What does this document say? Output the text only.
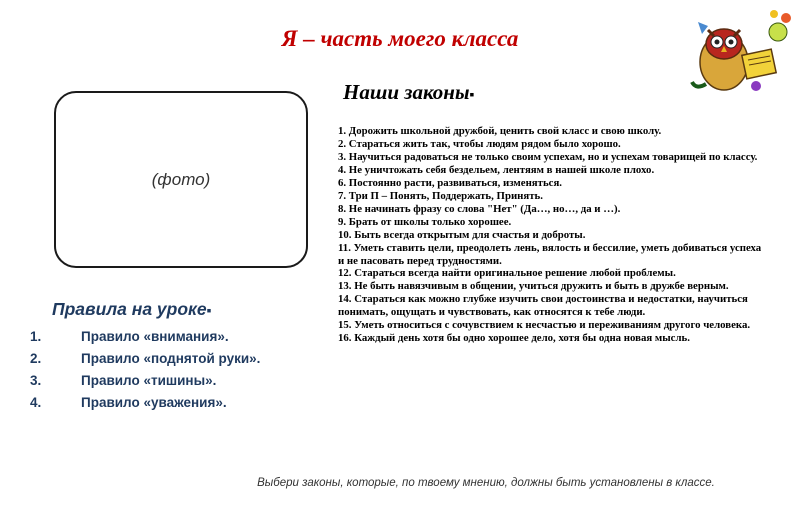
Я – часть моего класса
(фото)
Наши законы▪
1. Дорожить школьной дружбой, ценить свой класс и свою школу.
2. Стараться жить так, чтобы людям рядом было хорошо.
3. Научиться радоваться не только своим успехам, но и успехам товарищей по классу.
4. Не уничтожать себя бездельем, лентяям в нашей школе плохо.
6. Постоянно расти, развиваться, изменяться.
7. Три П – Понять, Поддержать, Принять.
8. Не начинать фразу со слова "Нет" (Да…, но…, да и …).
9. Брать от школы только хорошее.
10. Быть всегда открытым для счастья и доброты.
11. Уметь ставить цели, преодолеть лень, вялость и бессилие, уметь добиваться успеха и не пасовать перед трудностями.
12. Стараться всегда найти оригинальное решение любой проблемы.
13. Не быть навязчивым в общении, учиться дружить и быть в дружбе верным.
14. Стараться как можно глубже изучить свои достоинства и недостатки, научиться понимать, ощущать и чувствовать, как относятся к тебе люди.
15. Уметь относиться с сочувствием к несчастью и переживаниям другого человека.
16. Каждый день хотя бы одно хорошее дело, хотя бы одна новая мысль.
Правила на уроке▪
1.	Правило «внимания».
2.	Правило «поднятой руки».
3.	Правило «тишины».
4.	Правило «уважения».
Выбери законы, которые, по твоему мнению, должны быть установлены в классе.
